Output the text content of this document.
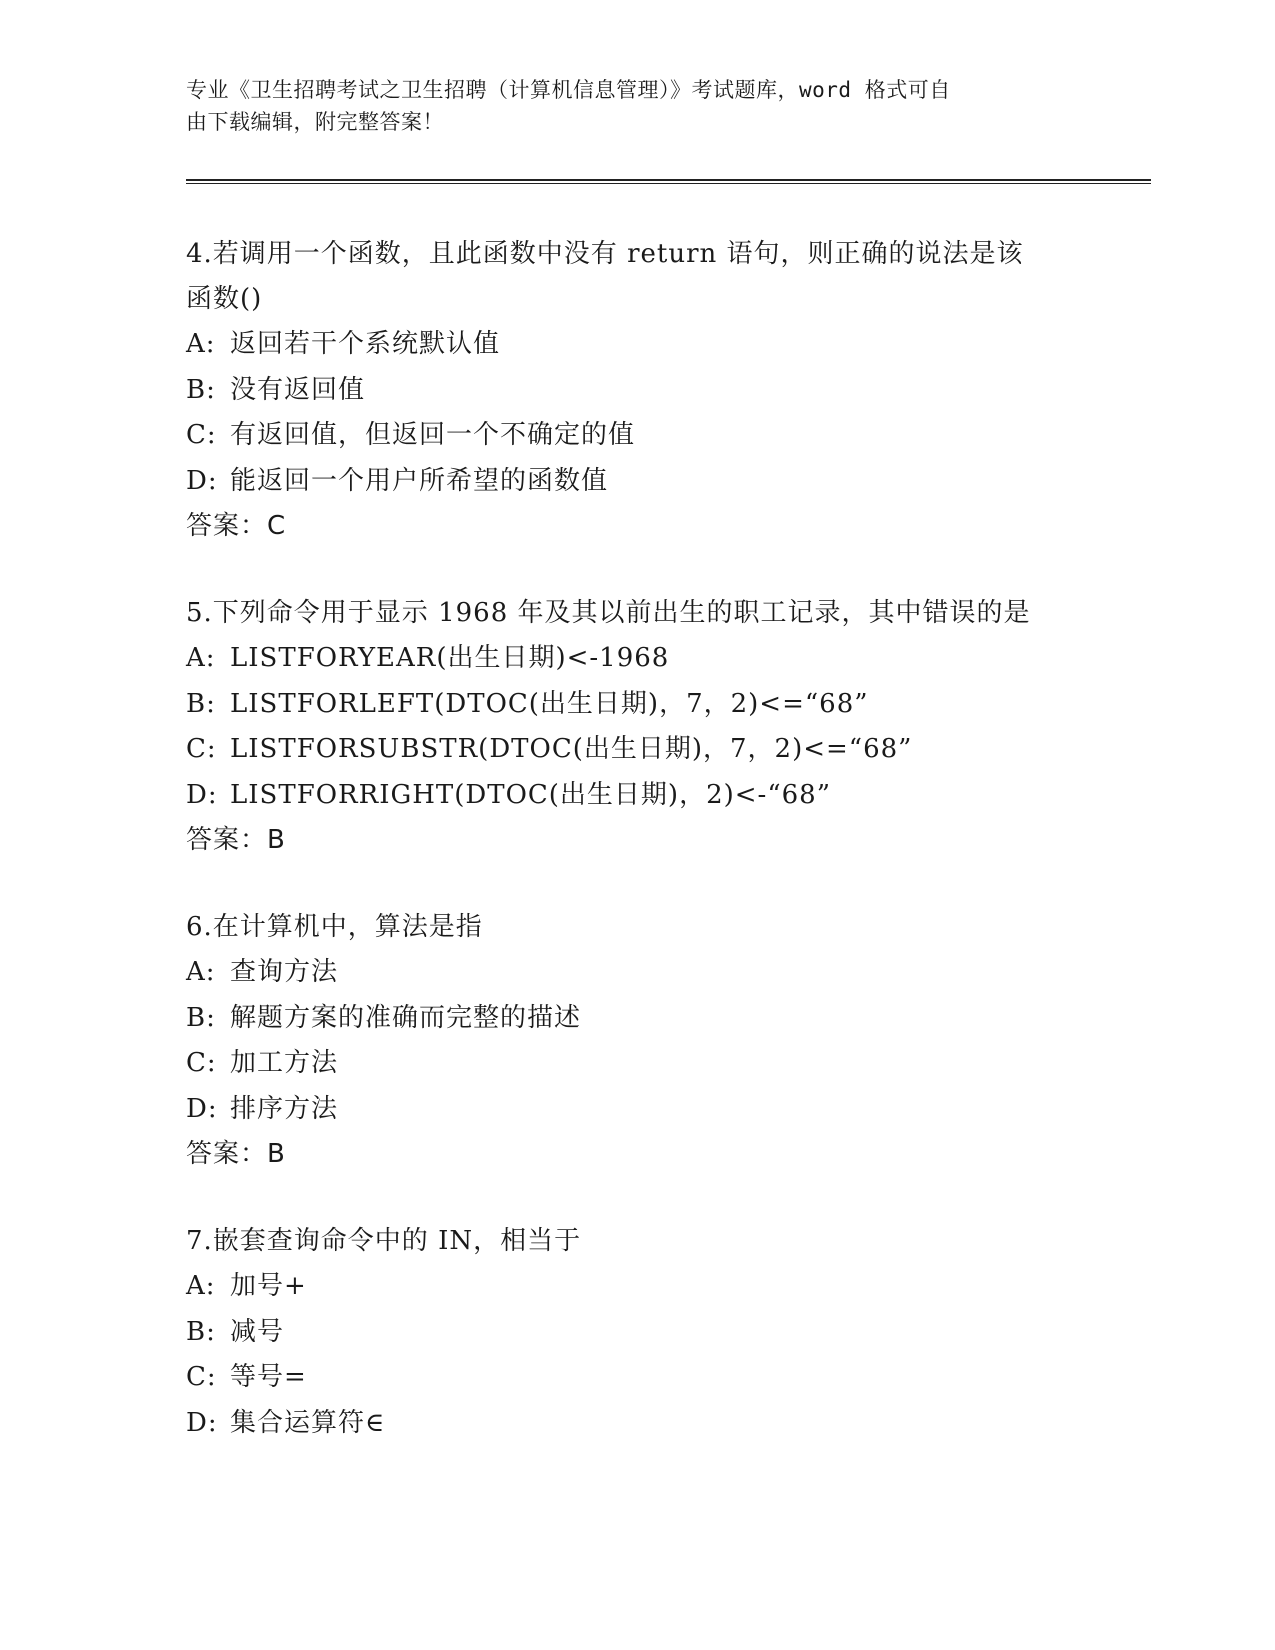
专业《卫生招聘考试之卫生招聘（计算机信息管理）》考试题库，word 格式可自
由下载编辑，附完整答案！

4.若调用一个函数，且此函数中没有 return 语句，则正确的说法是该
函数()

A: 返回若干个系统默认值

B: 没有返回值

C: 有返回值，但返回一个不确定的值

D: 能返回一个用户所希望的函数值

答案：C

5.下列命令用于显示 1968 年及其以前出生的职工记录，其中错误的是

A: LISTFORYEAR(出生日期)<-1968

B: LISTFORLEFT(DTOC(出生日期)，7，2)<=“68”

C: LISTFORSUBSTR(DTOC(出生日期)，7，2)<=“68”

D: LISTFORRIGHT(DTOC(出生日期)，2)<-“68”

答案：B

6.在计算机中，算法是指

A: 查询方法

B: 解题方案的准确而完整的描述

C: 加工方法

D: 排序方法

答案：B

7.嵌套查询命令中的 IN，相当于

A: 加号+

B: 减号

C: 等号=

D: 集合运算符∈
